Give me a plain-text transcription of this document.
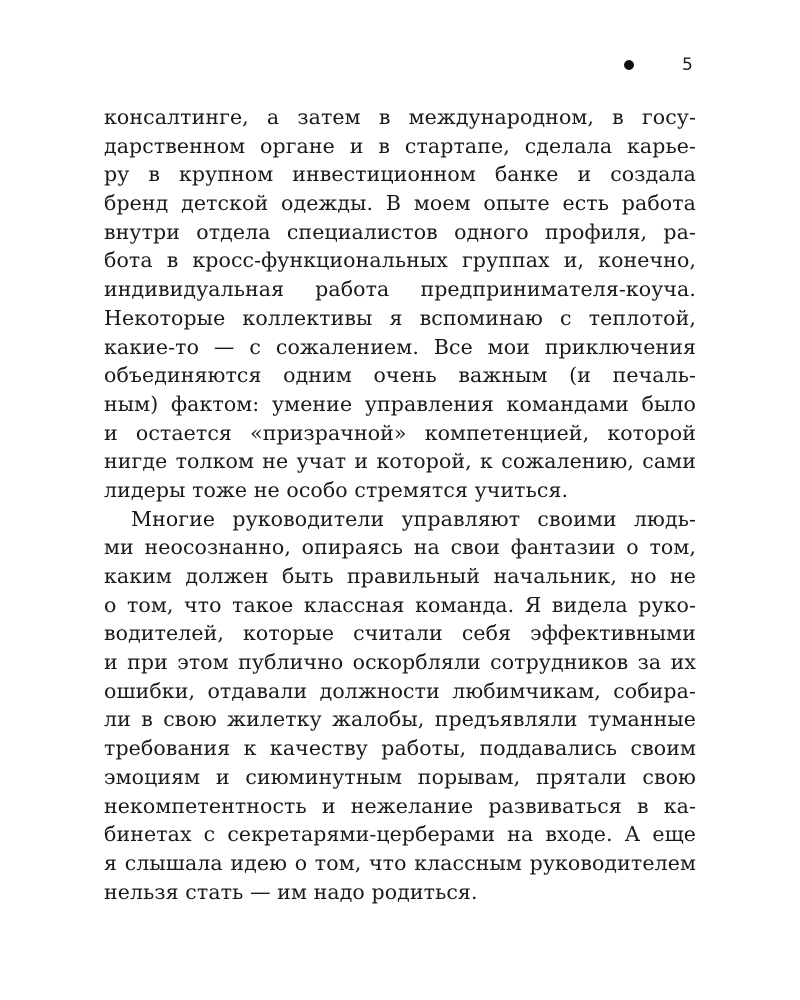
5
консалтинге, а затем в международном, в госу-
дарственном органе и в стартапе, сделала карье-
ру в крупном инвестиционном банке и создала
бренд детской одежды. В моем опыте есть работа
внутри отдела специалистов одного профиля, ра-
бота в кросс-функциональных группах и, конечно,
индивидуальная работа предпринимателя-коуча.
Некоторые коллективы я вспоминаю с теплотой,
какие-то — с сожалением. Все мои приключения
объединяются одним очень важным (и печаль-
ным) фактом: умение управления командами было
и остается «призрачной» компетенцией, которой
нигде толком не учат и которой, к сожалению, сами
лидеры тоже не особо стремятся учиться.
Многие руководители управляют своими людь-
ми неосознанно, опираясь на свои фантазии о том,
каким должен быть правильный начальник, но не
о том, что такое классная команда. Я видела руко-
водителей, которые считали себя эффективными
и при этом публично оскорбляли сотрудников за их
ошибки, отдавали должности любимчикам, собира-
ли в свою жилетку жалобы, предъявляли туманные
требования к качеству работы, поддавались своим
эмоциям и сиюминутным порывам, прятали свою
некомпетентность и нежелание развиваться в ка-
бинетах с секретарями-церберами на входе. А еще
я слышала идею о том, что классным руководителем
нельзя стать — им надо родиться.
